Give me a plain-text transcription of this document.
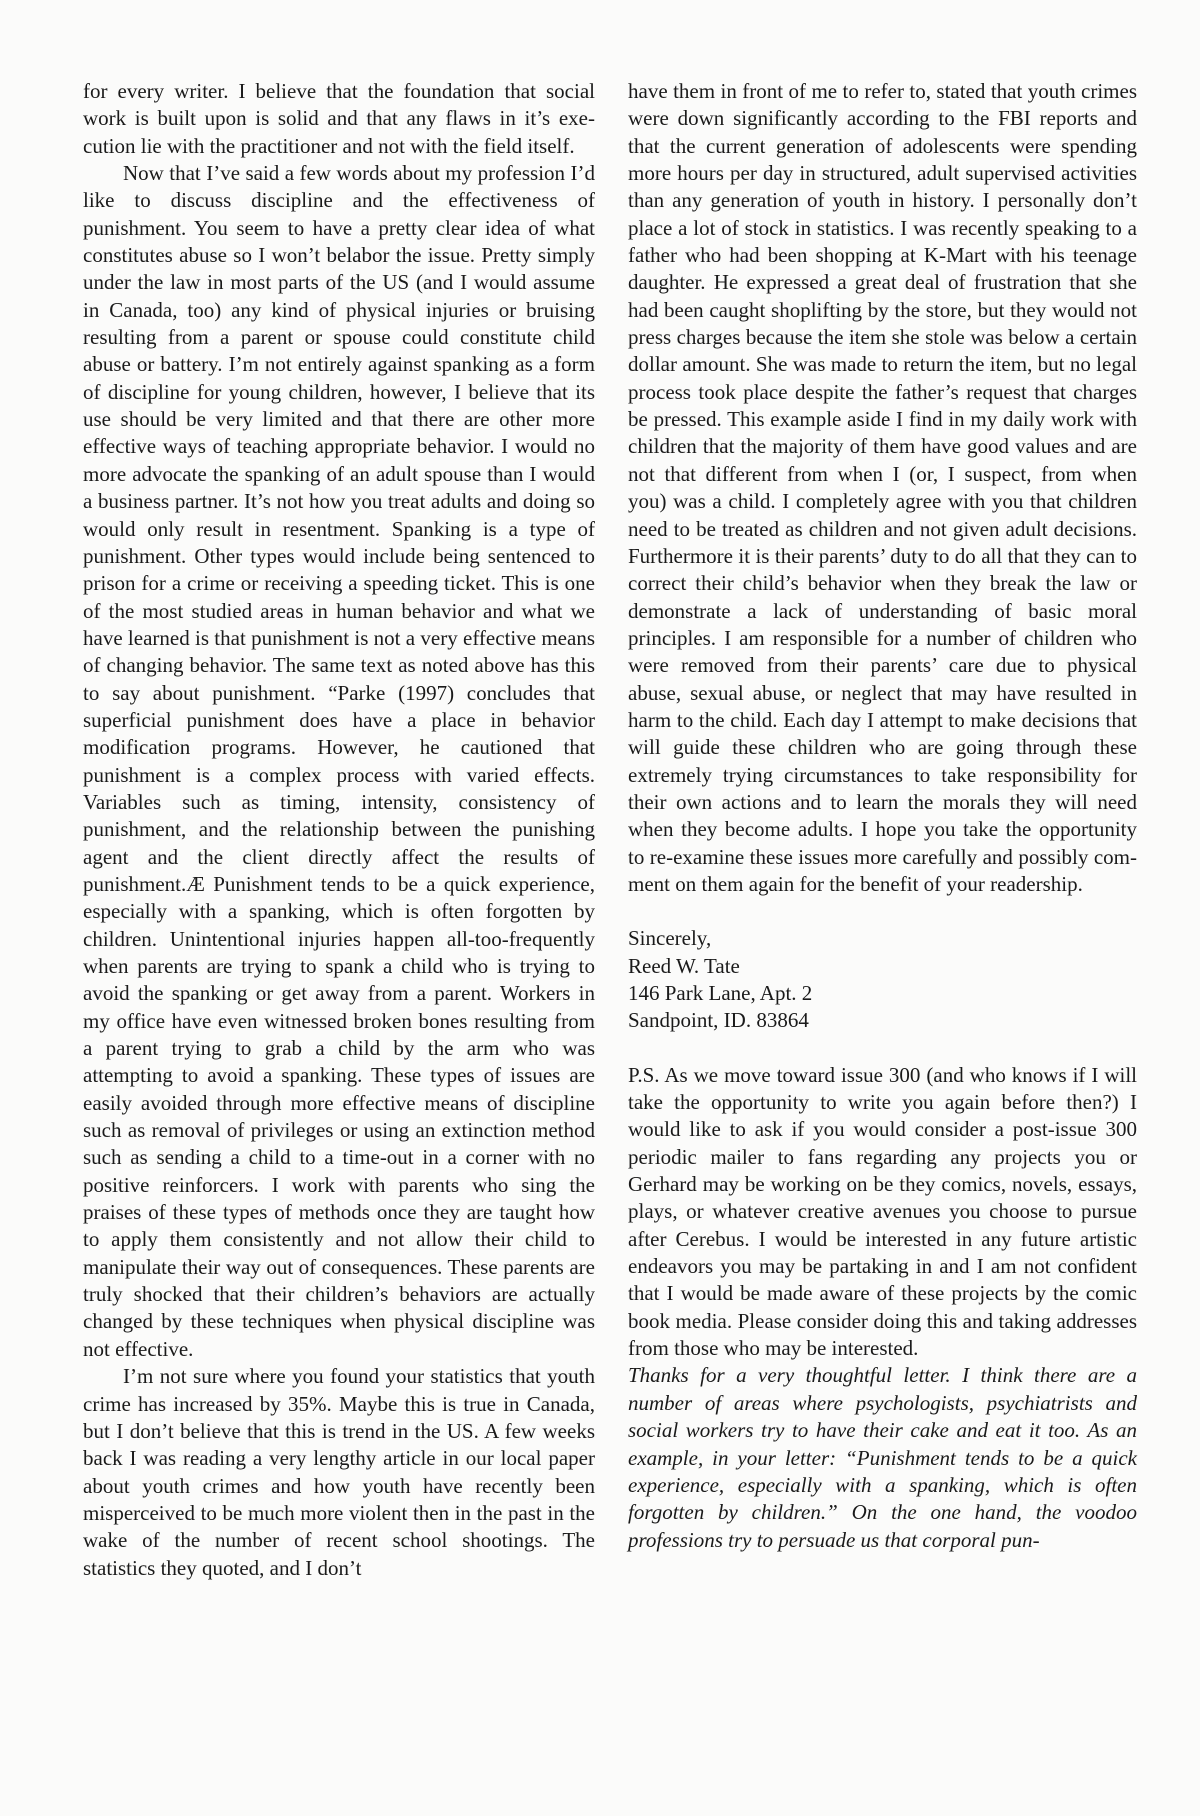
for every writer. I believe that the foundation that social work is built upon is solid and that any flaws in it’s execution lie with the practitioner and not with the field itself.

Now that I’ve said a few words about my profession I’d like to discuss discipline and the effectiveness of punishment. You seem to have a pretty clear idea of what constitutes abuse so I won’t belabor the issue. Pretty simply under the law in most parts of the US (and I would assume in Canada, too) any kind of physical injuries or bruising resulting from a parent or spouse could constitute child abuse or battery. I’m not entirely against spanking as a form of discipline for young children, however, I believe that its use should be very limited and that there are other more effective ways of teaching appropriate behavior. I would no more advocate the spanking of an adult spouse than I would a business partner. It’s not how you treat adults and doing so would only result in resentment. Spanking is a type of punishment. Other types would include being sentenced to prison for a crime or receiving a speeding ticket. This is one of the most studied areas in human behavior and what we have learned is that punishment is not a very effective means of changing behavior. The same text as noted above has this to say about punishment. “Parke (1997) concludes that superficial punishment does have a place in behavior modification programs. However, he cautioned that punishment is a complex process with varied effects. Variables such as timing, intensity, consistency of punishment, and the relationship between the punishing agent and the client directly affect the results of punishment.Æ Punishment tends to be a quick experience, especially with a spanking, which is often forgotten by children. Unintentional injuries happen all-too-frequently when parents are trying to spank a child who is trying to avoid the spanking or get away from a parent. Workers in my office have even witnessed broken bones resulting from a parent trying to grab a child by the arm who was attempting to avoid a spanking. These types of issues are easily avoided through more effective means of discipline such as removal of privileges or using an extinction method such as sending a child to a time-out in a corner with no positive reinforcers. I work with parents who sing the praises of these types of methods once they are taught how to apply them consistently and not allow their child to manipulate their way out of consequences. These parents are truly shocked that their children’s behaviors are actually changed by these techniques when physical discipline was not effective.

I’m not sure where you found your statistics that youth crime has increased by 35%. Maybe this is true in Canada, but I don’t believe that this is trend in the US. A few weeks back I was reading a very lengthy article in our local paper about youth crimes and how youth have recently been misperceived to be much more violent then in the past in the wake of the number of recent school shootings. The statistics they quoted, and I don’t

have them in front of me to refer to, stated that youth crimes were down significantly according to the FBI reports and that the current generation of adolescents were spending more hours per day in structured, adult supervised activities than any generation of youth in history. I personally don’t place a lot of stock in statistics. I was recently speaking to a father who had been shopping at K-Mart with his teenage daughter. He expressed a great deal of frustration that she had been caught shoplifting by the store, but they would not press charges because the item she stole was below a certain dollar amount. She was made to return the item, but no legal process took place despite the father’s request that charges be pressed. This example aside I find in my daily work with children that the majority of them have good values and are not that different from when I (or, I suspect, from when you) was a child. I completely agree with you that children need to be treated as children and not given adult decisions. Furthermore it is their parents’ duty to do all that they can to correct their child’s behavior when they break the law or demonstrate a lack of understanding of basic moral principles. I am responsible for a number of children who were removed from their parents’ care due to physical abuse, sexual abuse, or neglect that may have resulted in harm to the child. Each day I attempt to make decisions that will guide these children who are going through these extremely trying circumstances to take responsibility for their own actions and to learn the morals they will need when they become adults. I hope you take the opportunity to re-examine these issues more carefully and possibly comment on them again for the benefit of your readership.

Sincerely,
Reed W. Tate
146 Park Lane, Apt. 2
Sandpoint, ID. 83864

P.S. As we move toward issue 300 (and who knows if I will take the opportunity to write you again before then?) I would like to ask if you would consider a post-issue 300 periodic mailer to fans regarding any projects you or Gerhard may be working on be they comics, novels, essays, plays, or whatever creative avenues you choose to pursue after Cerebus. I would be interested in any future artistic endeavors you may be partaking in and I am not confident that I would be made aware of these projects by the comic book media. Please consider doing this and taking addresses from those who may be interested.

Thanks for a very thoughtful letter. I think there are a number of areas where psychologists, psychiatrists and social workers try to have their cake and eat it too. As an example, in your letter: “Punishment tends to be a quick experience, especially with a spanking, which is often forgotten by children.” On the one hand, the voodoo professions try to persuade us that corporal pun-
